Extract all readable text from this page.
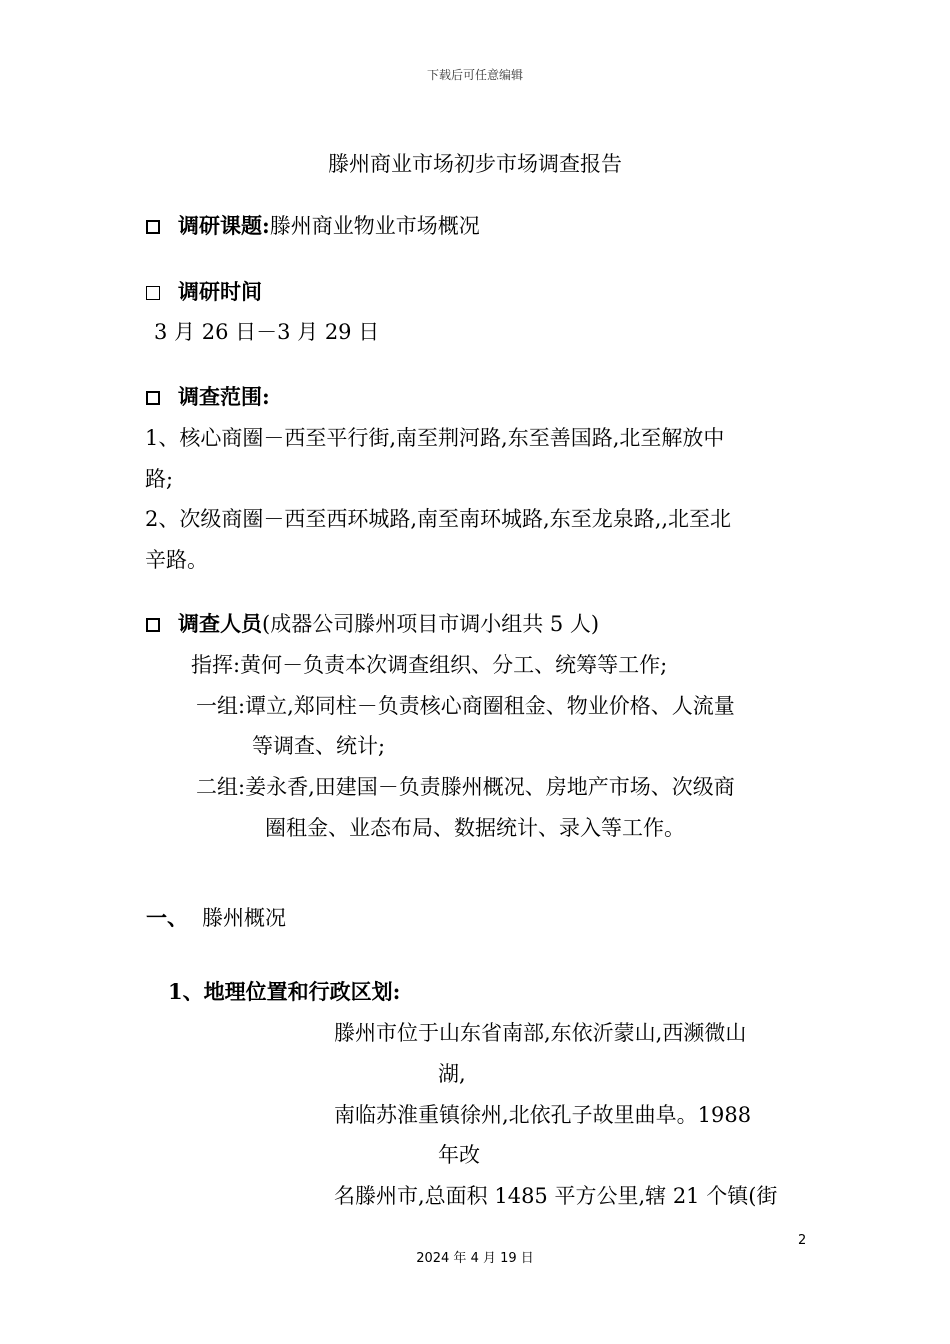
下载后可任意编辑
滕州商业市场初步市场调查报告
调研课题:滕州商业物业市场概况
调研时间
3 月 26 日－3 月 29 日
调查范围:
1、核心商圈－西至平行街,南至荆河路,东至善国路,北至解放中
路;
2、次级商圈－西至西环城路,南至南环城路,东至龙泉路,,北至北
辛路。
调查人员(成器公司滕州项目市调小组共 5 人)
指挥:黄何－负责本次调查组织、分工、统筹等工作;
一组:谭立,郑同柱－负责核心商圈租金、物业价格、人流量
等调查、统计;
二组:姜永香,田建国－负责滕州概况、房地产市场、次级商
圈租金、业态布局、数据统计、录入等工作。
一、 滕州概况
1、地理位置和行政区划:
滕州市位于山东省南部,东依沂蒙山,西濒微山
湖,
南临苏淮重镇徐州,北依孔子故里曲阜。1988
年改
名滕州市,总面积 1485 平方公里,辖 21 个镇(街
2
2024 年 4 月 19 日
